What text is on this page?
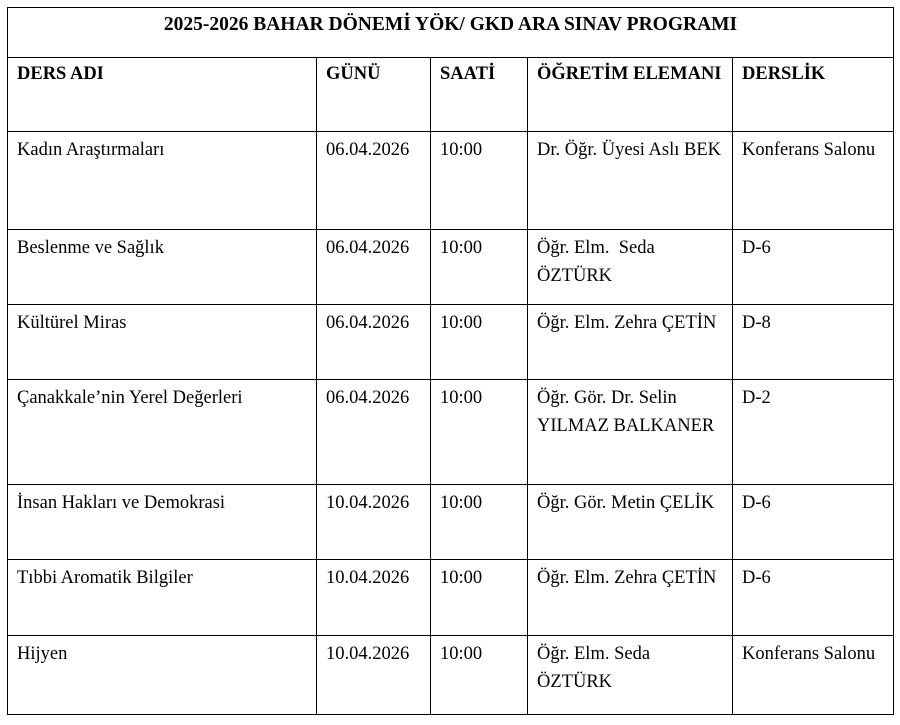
2025-2026 BAHAR DÖNEMİ YÖK/ GKD ARA SINAV PROGRAMI				
DERS ADI	GÜNÜ	SAATİ	ÖĞRETİM ELEMANI	DERSLİK
Kadın Araştırmaları	06.04.2026	10:00	Dr. Öğr. Üyesi Aslı BEK	Konferans Salonu
Beslenme ve Sağlık	06.04.2026	10:00	Öğr. Elm.  Seda ÖZTÜRK	D-6
Kültürel Miras	06.04.2026	10:00	Öğr. Elm. Zehra ÇETİN	D-8
Çanakkale’nin Yerel Değerleri	06.04.2026	10:00	Öğr. Gör. Dr. Selin YILMAZ BALKANER	D-2
İnsan Hakları ve Demokrasi	10.04.2026	10:00	Öğr. Gör. Metin ÇELİK	D-6
Tıbbi Aromatik Bilgiler	10.04.2026	10:00	Öğr. Elm. Zehra ÇETİN	D-6
Hijyen	10.04.2026	10:00	Öğr. Elm. Seda ÖZTÜRK	Konferans Salonu
